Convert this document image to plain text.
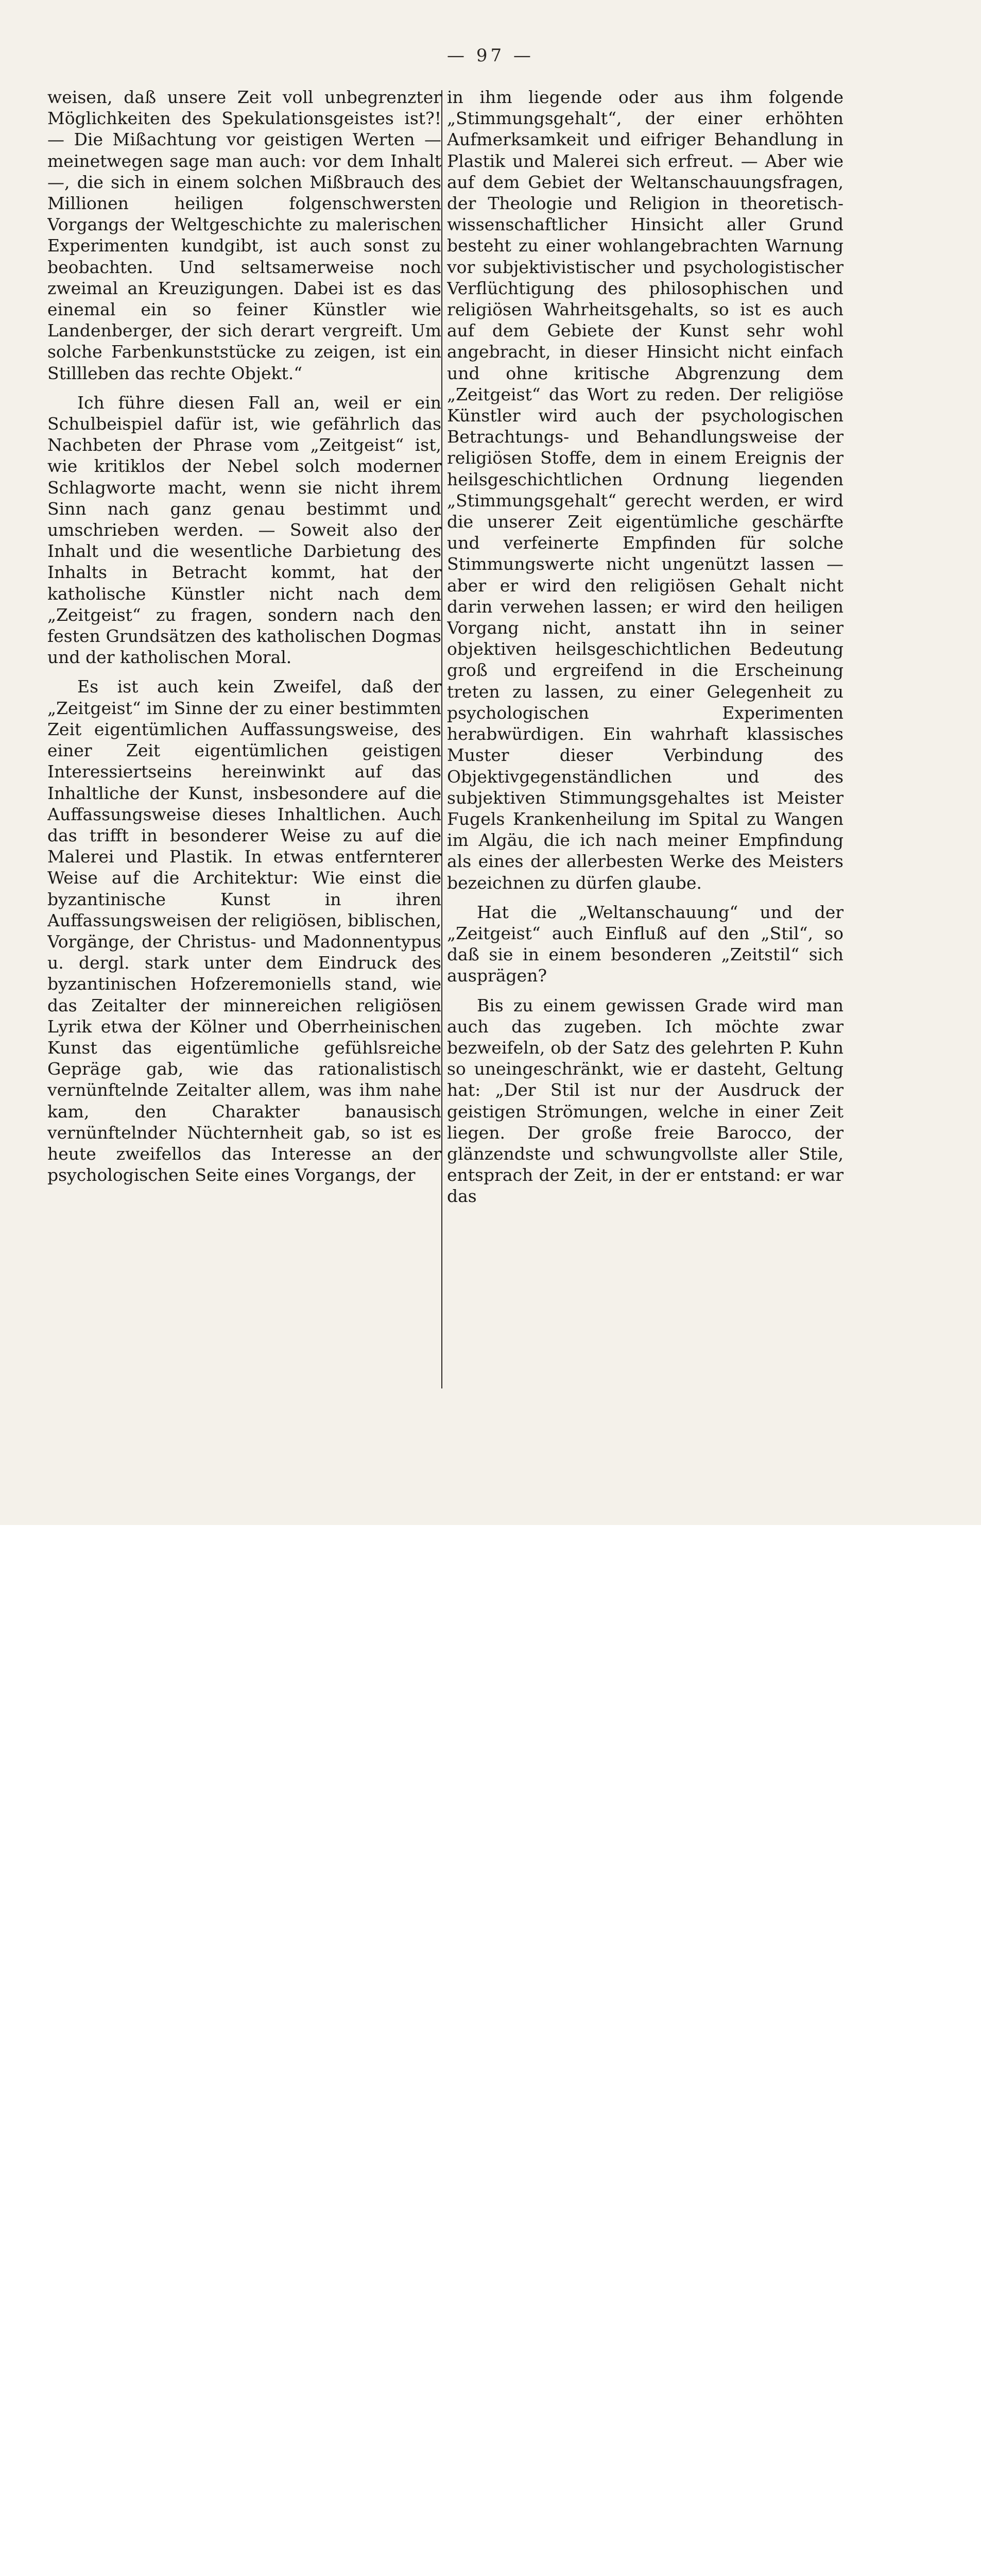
— 97 —

weisen, daß unsere Zeit voll unbegrenzter Möglichkeiten des Spekulationsgeistes ist?! — Die Mißachtung vor geistigen Werten — meinetwegen sage man auch: vor dem Inhalt —, die sich in einem solchen Mißbrauch des Millionen heiligen folgenschwersten Vorgangs der Weltgeschichte zu malerischen Experimenten kundgibt, ist auch sonst zu beobachten. Und seltsamerweise noch zweimal an Kreuzigungen. Dabei ist es das einemal ein so feiner Künstler wie Landenberger, der sich derart vergreift. Um solche Farbenkunststücke zu zeigen, ist ein Stillleben das rechte Objekt.“

Ich führe diesen Fall an, weil er ein Schulbeispiel dafür ist, wie gefährlich das Nachbeten der Phrase vom „Zeitgeist“ ist, wie kritiklos der Nebel solch moderner Schlagworte macht, wenn sie nicht ihrem Sinn nach ganz genau bestimmt und umschrieben werden. — Soweit also der Inhalt und die wesentliche Darbietung des Inhalts in Betracht kommt, hat der katholische Künstler nicht nach dem „Zeitgeist“ zu fragen, sondern nach den festen Grundsätzen des katholischen Dogmas und der katholischen Moral.

Es ist auch kein Zweifel, daß der „Zeitgeist“ im Sinne der zu einer bestimmten Zeit eigentümlichen Auffassungsweise, des einer Zeit eigentümlichen geistigen Interessiertseins hereinwinkt auf das Inhaltliche der Kunst, insbesondere auf die Auffassungsweise dieses Inhaltlichen. Auch das trifft in besonderer Weise zu auf die Malerei und Plastik. In etwas entfernterer Weise auf die Architektur: Wie einst die byzantinische Kunst in ihren Auffassungsweisen der religiösen, biblischen, Vorgänge, der Christus- und Madonnentypus u. dergl. stark unter dem Eindruck des byzantinischen Hofzeremoniells stand, wie das Zeitalter der minnereichen religiösen Lyrik etwa der Kölner und Oberrheinischen Kunst das eigentümliche gefühlsreiche Gepräge gab, wie das rationalistisch vernünftelnde Zeitalter allem, was ihm nahe kam, den Charakter banausisch vernünftelnder Nüchternheit gab, so ist es heute zweifellos das Interesse an der psychologischen Seite eines Vorgangs, der

in ihm liegende oder aus ihm folgende „Stimmungsgehalt“, der einer erhöhten Aufmerksamkeit und eifriger Behandlung in Plastik und Malerei sich erfreut. — Aber wie auf dem Gebiet der Weltanschauungsfragen, der Theologie und Religion in theoretisch-wissenschaftlicher Hinsicht aller Grund besteht zu einer wohlangebrachten Warnung vor subjektivistischer und psychologistischer Verflüchtigung des philosophischen und religiösen Wahrheitsgehalts, so ist es auch auf dem Gebiete der Kunst sehr wohl angebracht, in dieser Hinsicht nicht einfach und ohne kritische Abgrenzung dem „Zeitgeist“ das Wort zu reden. Der religiöse Künstler wird auch der psychologischen Betrachtungs- und Behandlungsweise der religiösen Stoffe, dem in einem Ereignis der heilsgeschichtlichen Ordnung liegenden „Stimmungsgehalt“ gerecht werden, er wird die unserer Zeit eigentümliche geschärfte und verfeinerte Empfinden für solche Stimmungswerte nicht ungenützt lassen — aber er wird den religiösen Gehalt nicht darin verwehen lassen; er wird den heiligen Vorgang nicht, anstatt ihn in seiner objektiven heilsgeschichtlichen Bedeutung groß und ergreifend in die Erscheinung treten zu lassen, zu einer Gelegenheit zu psychologischen Experimenten herabwürdigen. Ein wahrhaft klassisches Muster dieser Verbindung des Objektivgegenständlichen und des subjektiven Stimmungsgehaltes ist Meister Fugels Krankenheilung im Spital zu Wangen im Algäu, die ich nach meiner Empfindung als eines der allerbesten Werke des Meisters bezeichnen zu dürfen glaube.

Hat die „Weltanschauung“ und der „Zeitgeist“ auch Einfluß auf den „Stil“, so daß sie in einem besonderen „Zeitstil“ sich ausprägen?

Bis zu einem gewissen Grade wird man auch das zugeben. Ich möchte zwar bezweifeln, ob der Satz des gelehrten P. Kuhn so uneingeschränkt, wie er dasteht, Geltung hat: „Der Stil ist nur der Ausdruck der geistigen Strömungen, welche in einer Zeit liegen. Der große freie Barocco, der glänzendste und schwungvollste aller Stile, entsprach der Zeit, in der er entstand: er war das
